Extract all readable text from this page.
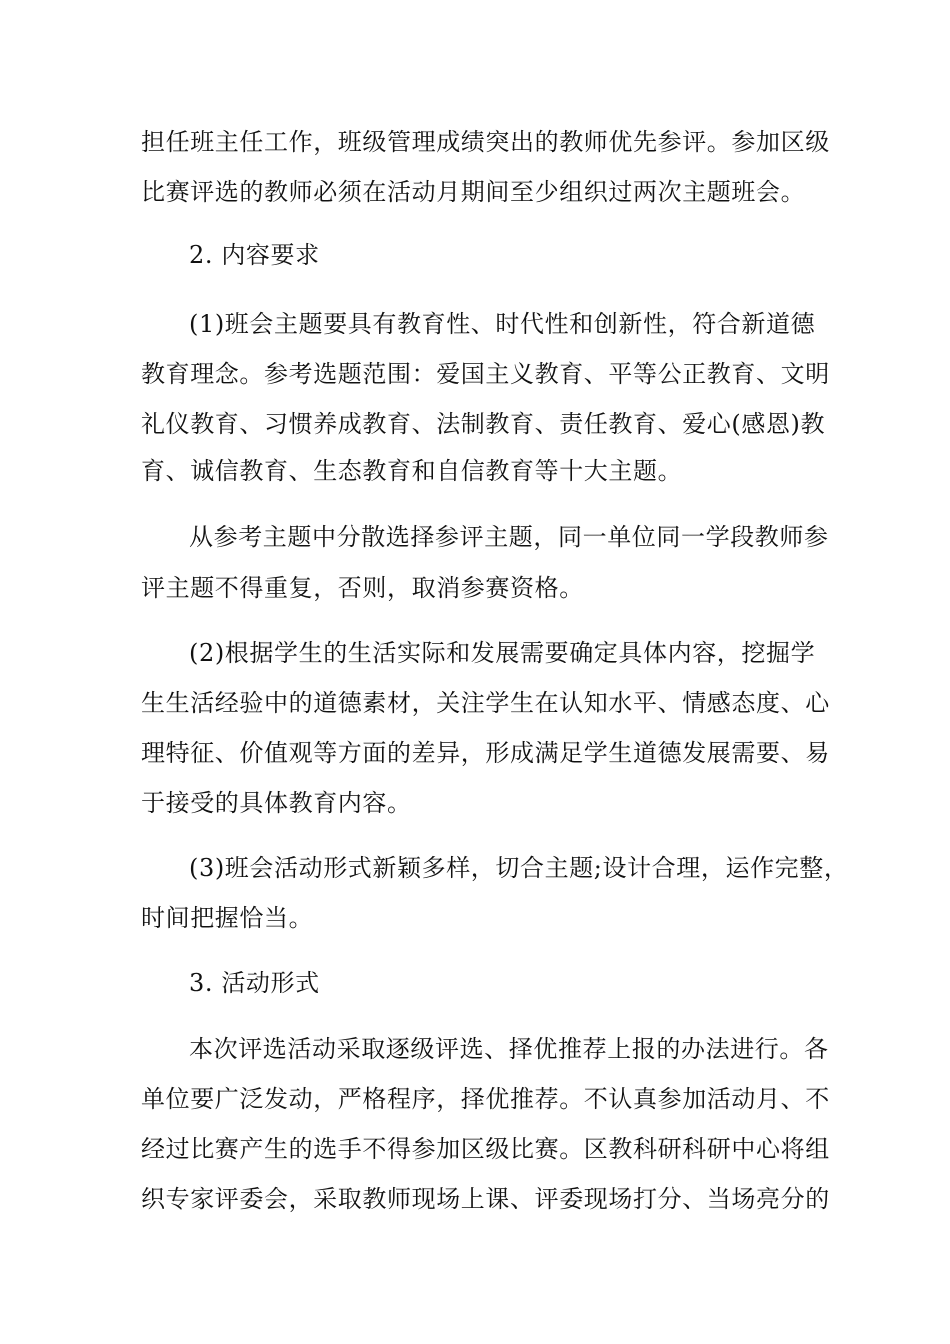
担任班主任工作，班级管理成绩突出的教师优先参评。参加区级
比赛评选的教师必须在活动月期间至少组织过两次主题班会。
2. 内容要求
(1)班会主题要具有教育性、时代性和创新性，符合新道德
教育理念。参考选题范围：爱国主义教育、平等公正教育、文明
礼仪教育、习惯养成教育、法制教育、责任教育、爱心(感恩)教
育、诚信教育、生态教育和自信教育等十大主题。
从参考主题中分散选择参评主题，同一单位同一学段教师参
评主题不得重复，否则，取消参赛资格。
(2)根据学生的生活实际和发展需要确定具体内容，挖掘学
生生活经验中的道德素材，关注学生在认知水平、情感态度、心
理特征、价值观等方面的差异，形成满足学生道德发展需要、易
于接受的具体教育内容。
(3)班会活动形式新颖多样，切合主题;设计合理，运作完整，
时间把握恰当。
3. 活动形式
本次评选活动采取逐级评选、择优推荐上报的办法进行。各
单位要广泛发动，严格程序，择优推荐。不认真参加活动月、不
经过比赛产生的选手不得参加区级比赛。区教科研科研中心将组
织专家评委会，采取教师现场上课、评委现场打分、当场亮分的
